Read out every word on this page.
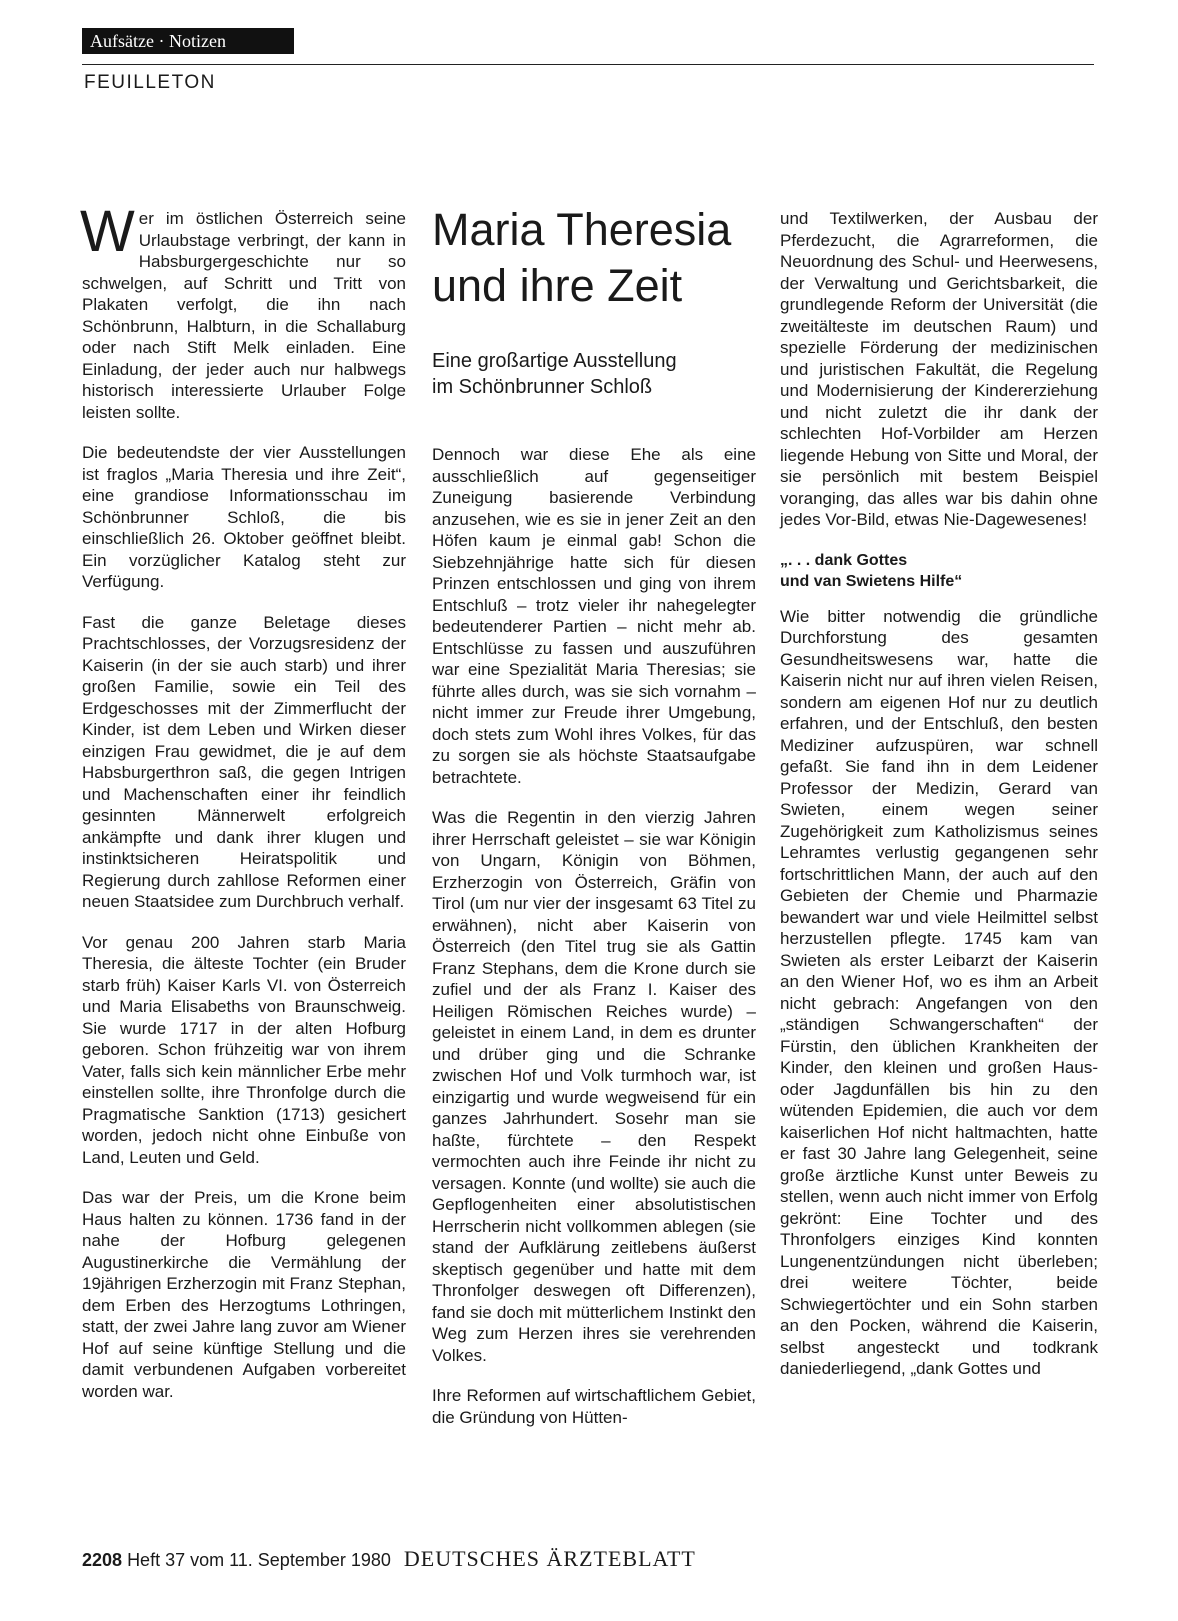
Aufsätze · Notizen
FEUILLETON

Wer im östlichen Österreich seine Urlaubstage verbringt, der kann in Habsburgergeschichte nur so schwelgen, auf Schritt und Tritt von Plakaten verfolgt, die ihn nach Schönbrunn, Halbturn, in die Schallaburg oder nach Stift Melk einladen. Eine Einladung, der jeder auch nur halbwegs historisch interessierte Urlauber Folge leisten sollte.

Die bedeutendste der vier Ausstellungen ist fraglos „Maria Theresia und ihre Zeit“, eine grandiose Informationsschau im Schönbrunner Schloß, die bis einschließlich 26. Oktober geöffnet bleibt. Ein vorzüglicher Katalog steht zur Verfügung.

Fast die ganze Beletage dieses Prachtschlosses, der Vorzugsresidenz der Kaiserin (in der sie auch starb) und ihrer großen Familie, sowie ein Teil des Erdgeschosses mit der Zimmerflucht der Kinder, ist dem Leben und Wirken dieser einzigen Frau gewidmet, die je auf dem Habsburgerthron saß, die gegen Intrigen und Machenschaften einer ihr feindlich gesinnten Männerwelt erfolgreich ankämpfte und dank ihrer klugen und instinktsicheren Heiratspolitik und Regierung durch zahllose Reformen einer neuen Staatsidee zum Durchbruch verhalf.

Vor genau 200 Jahren starb Maria Theresia, die älteste Tochter (ein Bruder starb früh) Kaiser Karls VI. von Österreich und Maria Elisabeths von Braunschweig. Sie wurde 1717 in der alten Hofburg geboren. Schon frühzeitig war von ihrem Vater, falls sich kein männlicher Erbe mehr einstellen sollte, ihre Thronfolge durch die Pragmatische Sanktion (1713) gesichert worden, jedoch nicht ohne Einbuße von Land, Leuten und Geld.

Das war der Preis, um die Krone beim Haus halten zu können. 1736 fand in der nahe der Hofburg gelegenen Augustinerkirche die Vermählung der 19jährigen Erzherzogin mit Franz Stephan, dem Erben des Herzogtums Lothringen, statt, der zwei Jahre lang zuvor am Wiener Hof auf seine künftige Stellung und die damit verbundenen Aufgaben vorbereitet worden war.

Maria Theresia
und ihre Zeit
Eine großartige Ausstellung
im Schönbrunner Schloß

Dennoch war diese Ehe als eine ausschließlich auf gegenseitiger Zuneigung basierende Verbindung anzusehen, wie es sie in jener Zeit an den Höfen kaum je einmal gab! Schon die Siebzehnjährige hatte sich für diesen Prinzen entschlossen und ging von ihrem Entschluß – trotz vieler ihr nahegelegter bedeutenderer Partien – nicht mehr ab. Entschlüsse zu fassen und auszuführen war eine Spezialität Maria Theresias; sie führte alles durch, was sie sich vornahm – nicht immer zur Freude ihrer Umgebung, doch stets zum Wohl ihres Volkes, für das zu sorgen sie als höchste Staatsaufgabe betrachtete.

Was die Regentin in den vierzig Jahren ihrer Herrschaft geleistet – sie war Königin von Ungarn, Königin von Böhmen, Erzherzogin von Österreich, Gräfin von Tirol (um nur vier der insgesamt 63 Titel zu erwähnen), nicht aber Kaiserin von Österreich (den Titel trug sie als Gattin Franz Stephans, dem die Krone durch sie zufiel und der als Franz I. Kaiser des Heiligen Römischen Reiches wurde) – geleistet in einem Land, in dem es drunter und drüber ging und die Schranke zwischen Hof und Volk turmhoch war, ist einzigartig und wurde wegweisend für ein ganzes Jahrhundert. Sosehr man sie haßte, fürchtete – den Respekt vermochten auch ihre Feinde ihr nicht zu versagen. Konnte (und wollte) sie auch die Gepflogenheiten einer absolutistischen Herrscherin nicht vollkommen ablegen (sie stand der Aufklärung zeitlebens äußerst skeptisch gegenüber und hatte mit dem Thronfolger deswegen oft Differenzen), fand sie doch mit mütterlichem Instinkt den Weg zum Herzen ihres sie verehrenden Volkes.

Ihre Reformen auf wirtschaftlichem Gebiet, die Gründung von Hütten-

und Textilwerken, der Ausbau der Pferdezucht, die Agrarreformen, die Neuordnung des Schul- und Heerwesens, der Verwaltung und Gerichtsbarkeit, die grundlegende Reform der Universität (die zweitälteste im deutschen Raum) und spezielle Förderung der medizinischen und juristischen Fakultät, die Regelung und Modernisierung der Kindererziehung und nicht zuletzt die ihr dank der schlechten Hof-Vorbilder am Herzen liegende Hebung von Sitte und Moral, der sie persönlich mit bestem Beispiel voranging, das alles war bis dahin ohne jedes Vor-Bild, etwas Nie-Dagewesenes!

„. . . dank Gottes
und van Swietens Hilfe“

Wie bitter notwendig die gründliche Durchforstung des gesamten Gesundheitswesens war, hatte die Kaiserin nicht nur auf ihren vielen Reisen, sondern am eigenen Hof nur zu deutlich erfahren, und der Entschluß, den besten Mediziner aufzuspüren, war schnell gefaßt. Sie fand ihn in dem Leidener Professor der Medizin, Gerard van Swieten, einem wegen seiner Zugehörigkeit zum Katholizismus seines Lehramtes verlustig gegangenen sehr fortschrittlichen Mann, der auch auf den Gebieten der Chemie und Pharmazie bewandert war und viele Heilmittel selbst herzustellen pflegte. 1745 kam van Swieten als erster Leibarzt der Kaiserin an den Wiener Hof, wo es ihm an Arbeit nicht gebrach: Angefangen von den „ständigen Schwangerschaften“ der Fürstin, den üblichen Krankheiten der Kinder, den kleinen und großen Haus- oder Jagdunfällen bis hin zu den wütenden Epidemien, die auch vor dem kaiserlichen Hof nicht haltmachten, hatte er fast 30 Jahre lang Gelegenheit, seine große ärztliche Kunst unter Beweis zu stellen, wenn auch nicht immer von Erfolg gekrönt: Eine Tochter und des Thronfolgers einziges Kind konnten Lungenentzündungen nicht überleben; drei weitere Töchter, beide Schwiegertöchter und ein Sohn starben an den Pocken, während die Kaiserin, selbst angesteckt und todkrank daniederliegend, „dank Gottes und

2208 Heft 37 vom 11. September 1980 DEUTSCHES ÄRZTEBLATT
